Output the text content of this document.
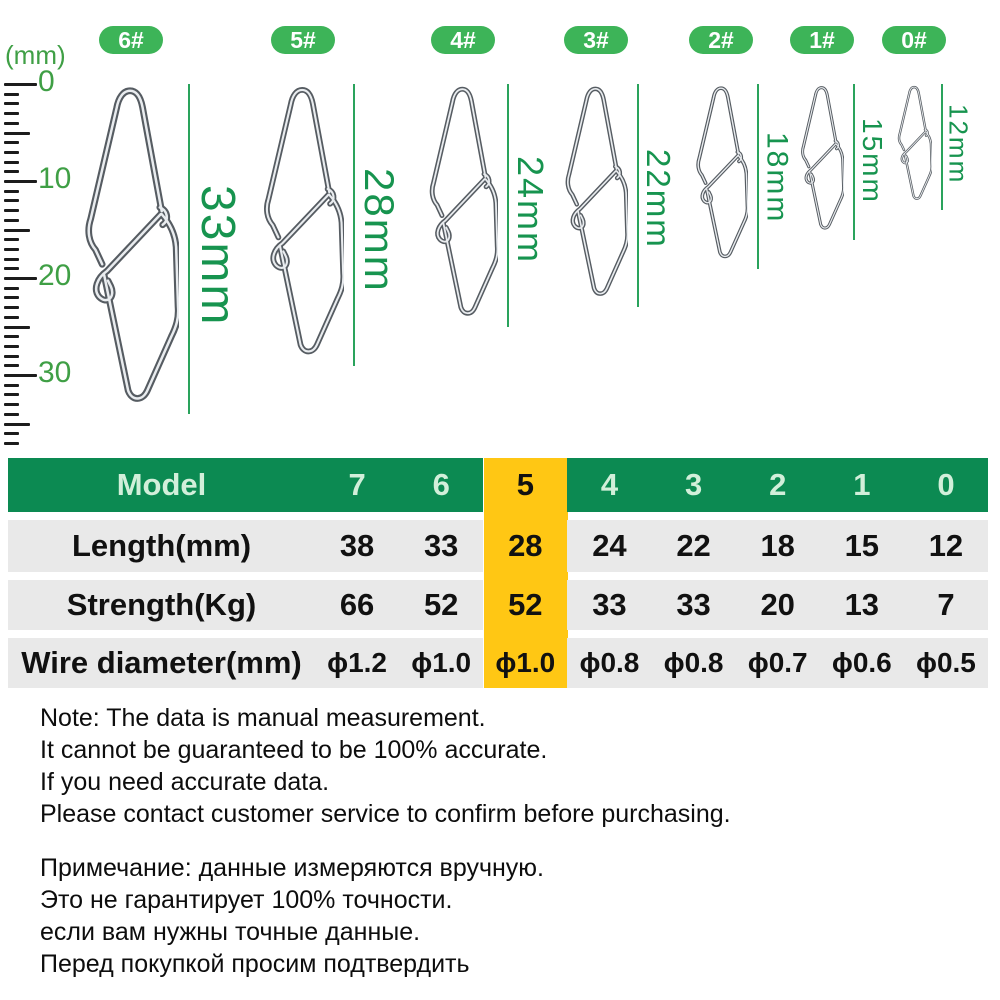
(mm)
0
10
20
30
6#
33mm
5#
28mm
4#
24mm
3#
22mm
2#
18mm
1#
15mm
0#
12mm
Model	7	6	5	4	3	2	1	0
Length(mm)	38	33	28	24	22	18	15	12
Strength(Kg)	66	52	52	33	33	20	13	7
Wire diameter(mm) ϕ1.2 ϕ1.0 ϕ1.0 ϕ0.8 ϕ0.8 ϕ0.7 ϕ0.6 ϕ0.5
Note: The data is manual measurement.
It cannot be guaranteed to be 100% accurate.
If you need accurate data.
Please contact customer service to confirm before purchasing.
Примечание: данные измеряются вручную.
Это не гарантирует 100% точности.
если вам нужны точные данные.
Перед покупкой просим подтвердить
